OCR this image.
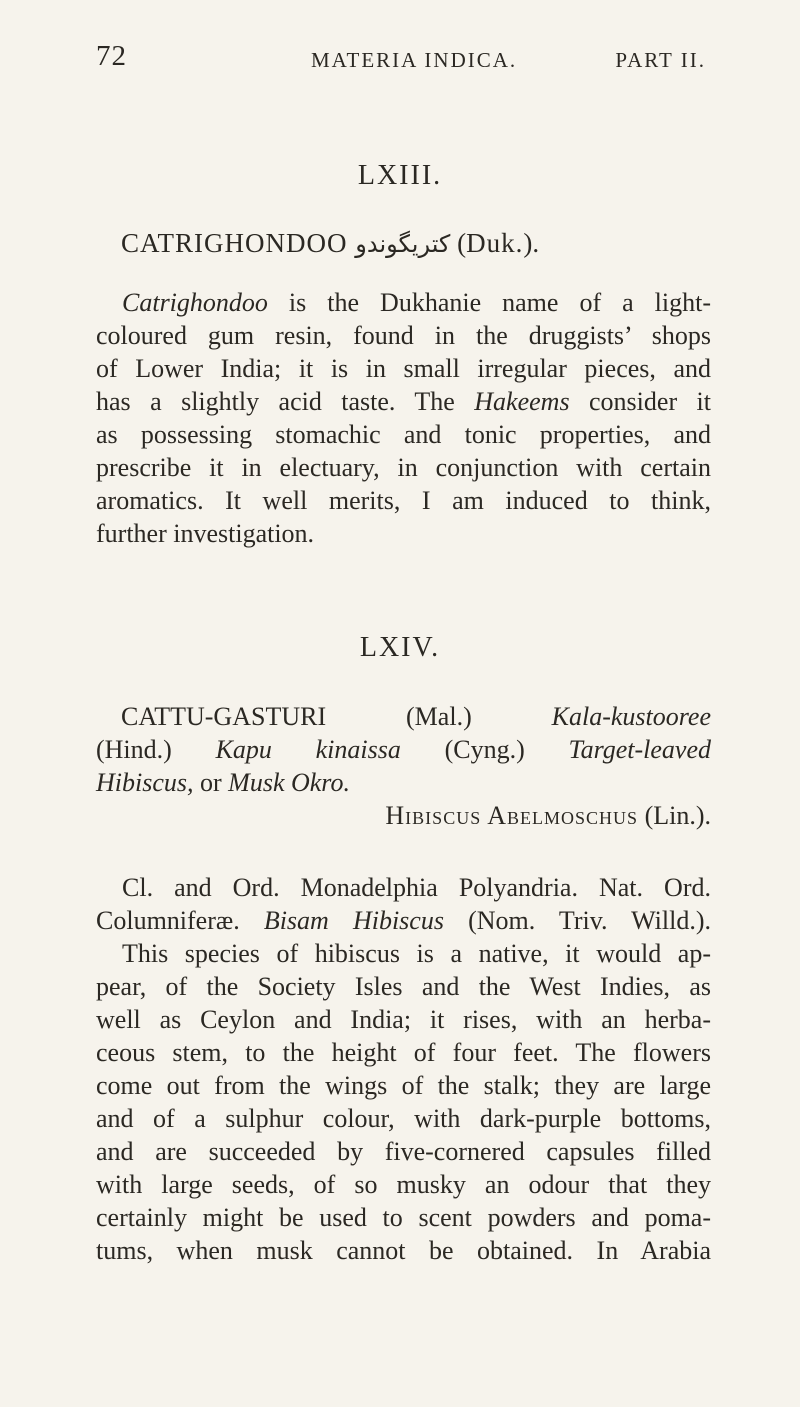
72	MATERIA INDICA.	PART II.
LXIII.
CATRIGHONDOO کتریگوندو (Duk.).
Catrighondoo is the Dukhanie name of a light-
coloured gum resin, found in the druggists’ shops
of Lower India; it is in small irregular pieces, and
has a slightly acid taste. The Hakeems consider it
as possessing stomachic and tonic properties, and
prescribe it in electuary, in conjunction with certain
aromatics. It well merits, I am induced to think,
further investigation.
LXIV.
CATTU-GASTURI (Mal.)	Kala-kustooree
(Hind.) Kapu kinaissa (Cyng.) Target-leaved
Hibiscus, or Musk Okro.
Hibiscus Abelmoschus (Lin.).
Cl. and Ord. Monadelphia Polyandria. Nat. Ord.
Columniferæ. Bisam Hibiscus (Nom. Triv. Willd.).
This species of hibiscus is a native, it would ap-
pear, of the Society Isles and the West Indies, as
well as Ceylon and India; it rises, with an herba-
ceous stem, to the height of four feet. The flowers
come out from the wings of the stalk; they are large
and of a sulphur colour, with dark-purple bottoms,
and are succeeded by five-cornered capsules filled
with large seeds, of so musky an odour that they
certainly might be used to scent powders and poma-
tums, when musk cannot be obtained. In Arabia
